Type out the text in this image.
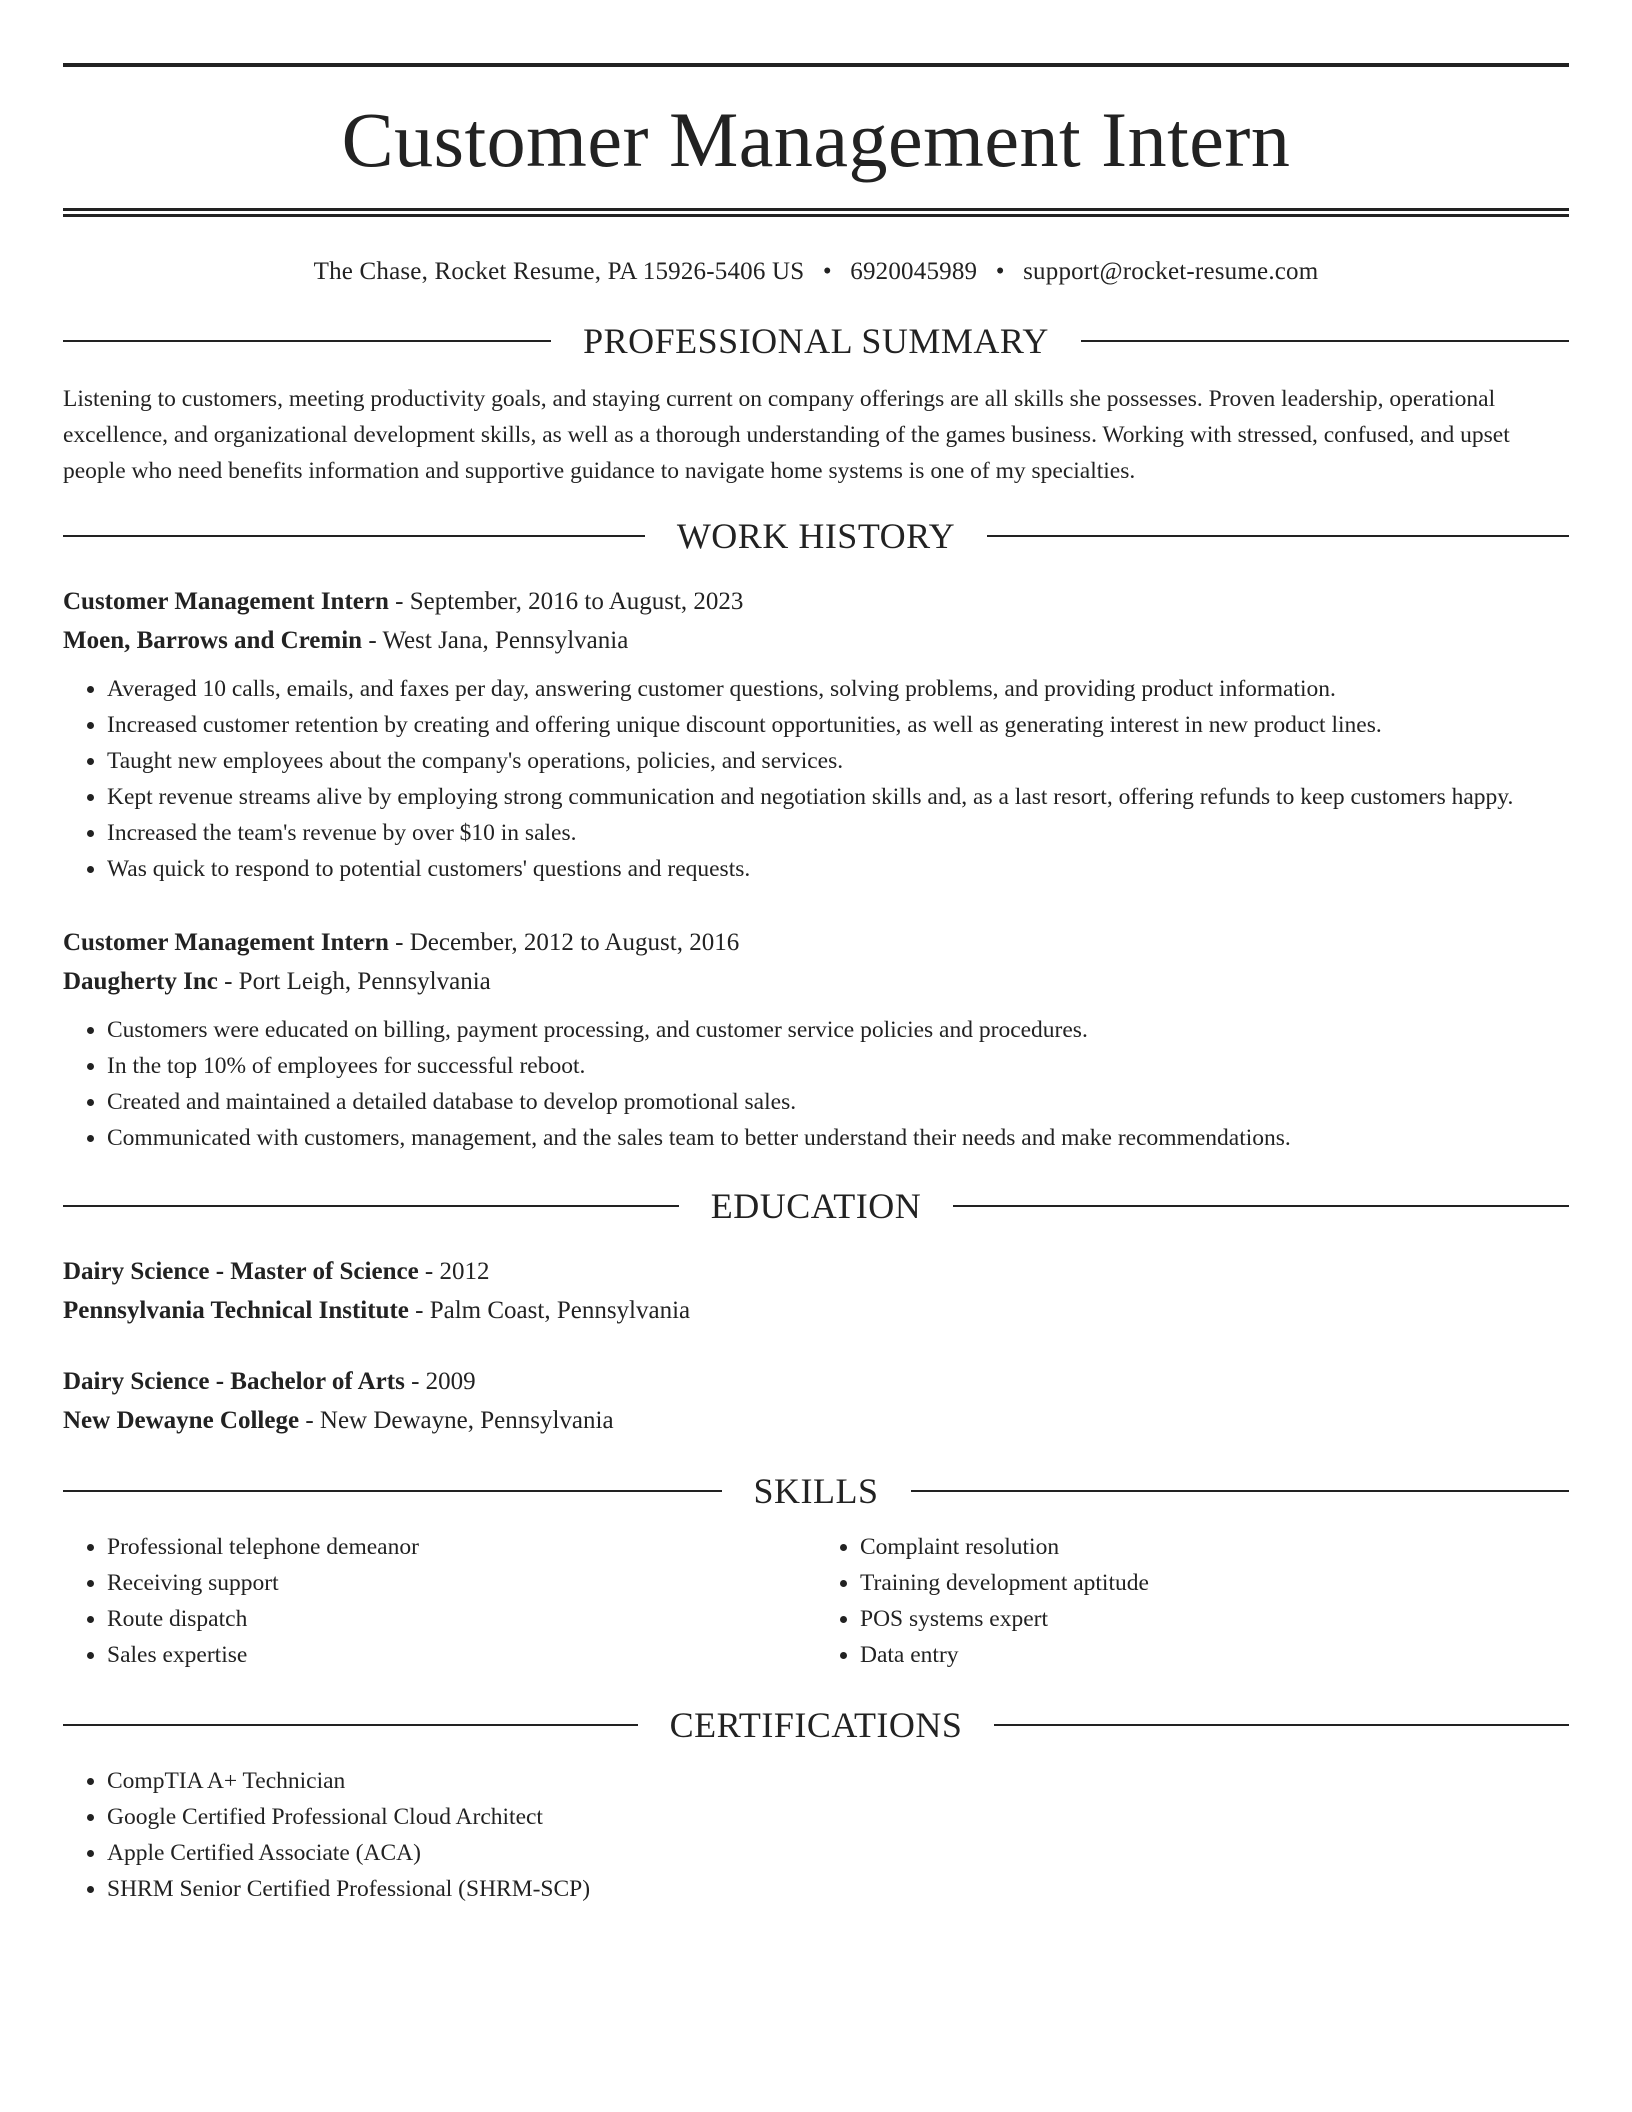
Customer Management Intern
The Chase, Rocket Resume, PA 15926-5406 US • 6920045989 • support@rocket-resume.com
PROFESSIONAL SUMMARY
Listening to customers, meeting productivity goals, and staying current on company offerings are all skills she possesses. Proven leadership, operational excellence, and organizational development skills, as well as a thorough understanding of the games business. Working with stressed, confused, and upset people who need benefits information and supportive guidance to navigate home systems is one of my specialties.
WORK HISTORY
Customer Management Intern - September, 2016 to August, 2023
Moen, Barrows and Cremin - West Jana, Pennsylvania
• Averaged 10 calls, emails, and faxes per day, answering customer questions, solving problems, and providing product information.
• Increased customer retention by creating and offering unique discount opportunities, as well as generating interest in new product lines.
• Taught new employees about the company's operations, policies, and services.
• Kept revenue streams alive by employing strong communication and negotiation skills and, as a last resort, offering refunds to keep customers happy.
• Increased the team's revenue by over $10 in sales.
• Was quick to respond to potential customers' questions and requests.
Customer Management Intern - December, 2012 to August, 2016
Daugherty Inc - Port Leigh, Pennsylvania
• Customers were educated on billing, payment processing, and customer service policies and procedures.
• In the top 10% of employees for successful reboot.
• Created and maintained a detailed database to develop promotional sales.
• Communicated with customers, management, and the sales team to better understand their needs and make recommendations.
EDUCATION
Dairy Science - Master of Science - 2012
Pennsylvania Technical Institute - Palm Coast, Pennsylvania
Dairy Science - Bachelor of Arts - 2009
New Dewayne College - New Dewayne, Pennsylvania
SKILLS
• Professional telephone demeanor
• Receiving support
• Route dispatch
• Sales expertise
• Complaint resolution
• Training development aptitude
• POS systems expert
• Data entry
CERTIFICATIONS
• CompTIA A+ Technician
• Google Certified Professional Cloud Architect
• Apple Certified Associate (ACA)
• SHRM Senior Certified Professional (SHRM-SCP)
